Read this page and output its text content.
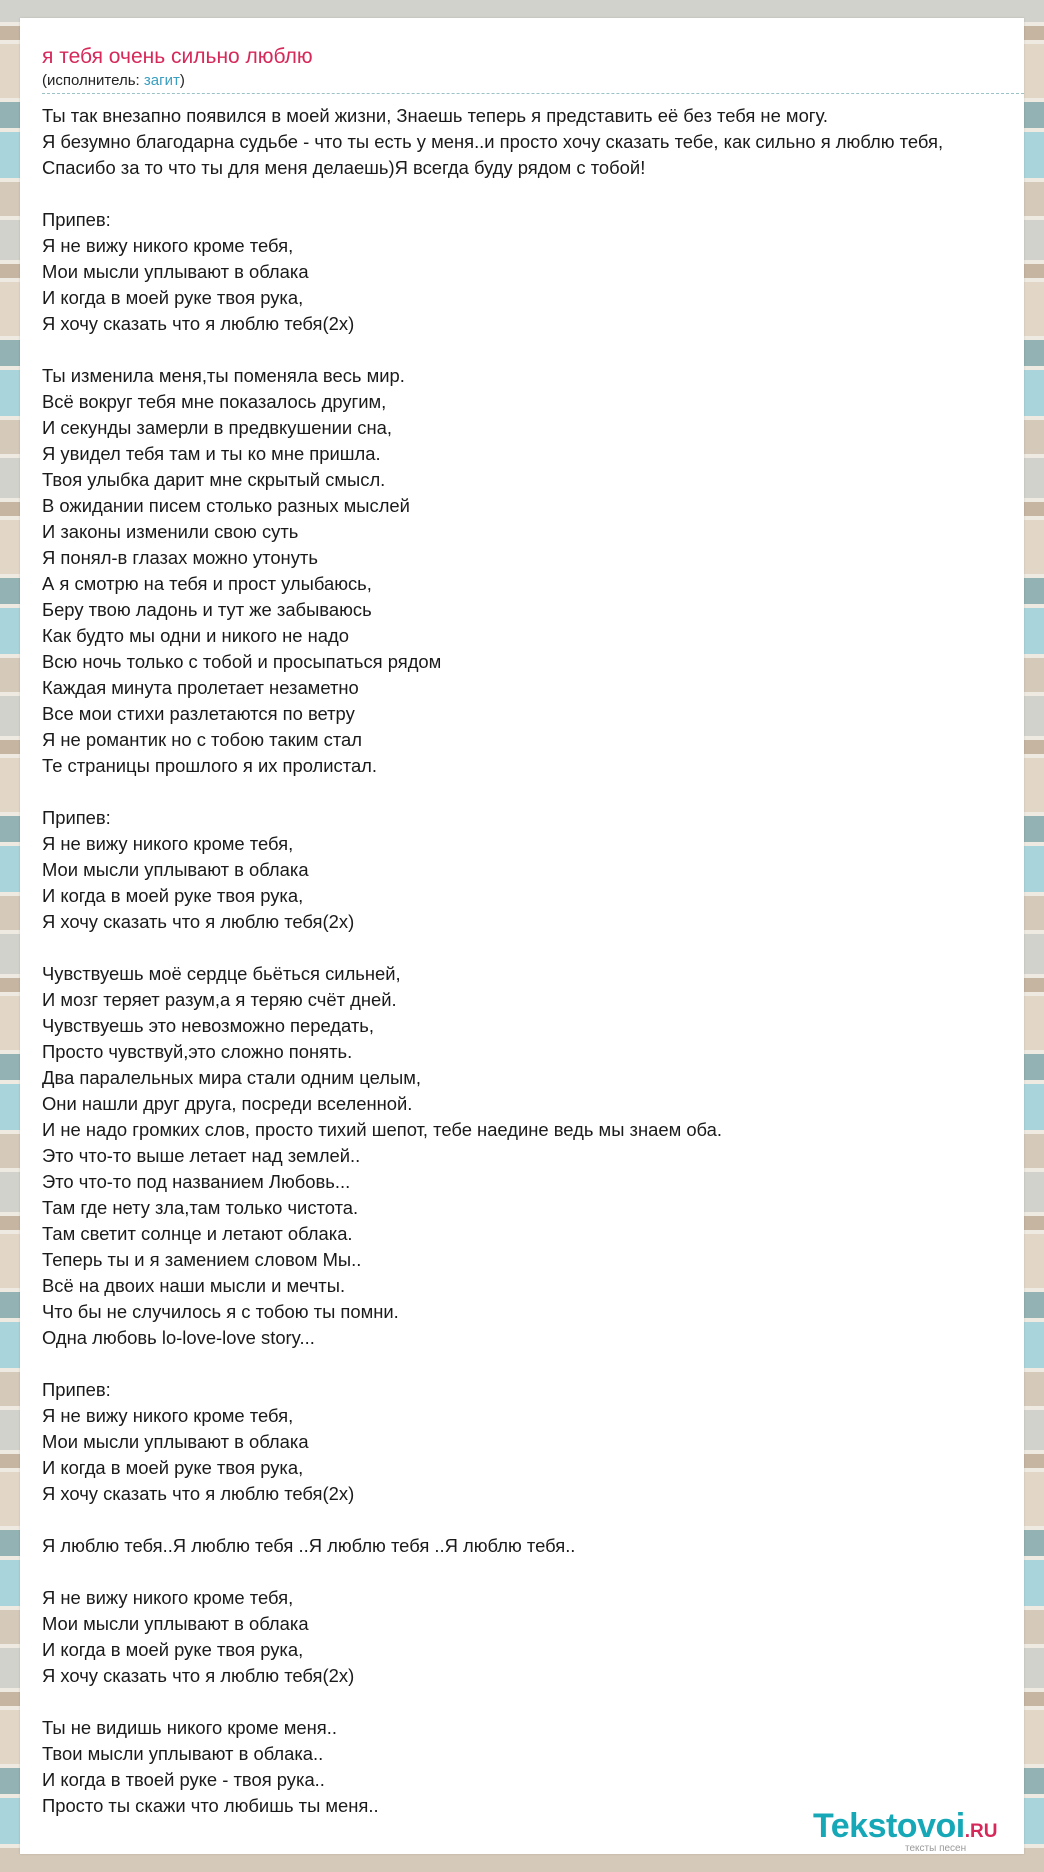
я тебя очень сильно люблю
(исполнитель: загит)
Ты так внезапно появился в моей жизни, Знаешь теперь я представить её без тебя не могу.
Я безумно благодарна судьбе - что ты есть у меня..и просто хочу сказать тебе, как сильно я люблю тебя,
Спасибо за то что ты для меня делаешь)Я всегда буду рядом с тобой!
Припев:
Я не вижу никого кроме тебя,
Мои мысли уплывают в облака
И когда в моей руке твоя рука,
Я хочу сказать что я люблю тебя(2х)
Ты изменила меня,ты поменяла весь мир.
Всё вокруг тебя мне показалось другим,
И секунды замерли в предвкушении сна,
Я увидел тебя там и ты ко мне пришла.
Твоя улыбка дарит мне скрытый смысл.
В ожидании писем столько разных мыслей
И законы изменили свою суть
Я понял-в глазах можно утонуть
А я смотрю на тебя и прост улыбаюсь,
Беру твою ладонь и тут же забываюсь
Как будто мы одни и никого не надо
Всю ночь только с тобой и просыпаться рядом
Каждая минута пролетает незаметно
Все мои стихи разлетаются по ветру
Я не романтик но с тобою таким стал
Те страницы прошлого я их пролистал.
Припев:
Я не вижу никого кроме тебя,
Мои мысли уплывают в облака
И когда в моей руке твоя рука,
Я хочу сказать что я люблю тебя(2х)
Чувствуешь моё сердце бьёться сильней,
И мозг теряет разум,а я теряю счёт дней.
Чувствуешь это невозможно передать,
Просто чувствуй,это сложно понять.
Два паралельных мира стали одним целым,
Они нашли друг друга, посреди вселенной.
И не надо громких слов, просто тихий шепот, тебе наедине ведь мы знаем оба.
Это что-то выше летает над землей..
Это что-то под названием Любовь...
Там где нету зла,там только чистота.
Там светит солнце и летают облака.
Теперь ты и я замением словом Мы..
Всё на двоих наши мысли и мечты.
Что бы не случилось я с тобою ты помни.
Одна любовь lo-love-love story...
Припев:
Я не вижу никого кроме тебя,
Мои мысли уплывают в облака
И когда в моей руке твоя рука,
Я хочу сказать что я люблю тебя(2х)
Я люблю тебя..Я люблю тебя ..Я люблю тебя ..Я люблю тебя..
Я не вижу никого кроме тебя,
Мои мысли уплывают в облака
И когда в моей руке твоя рука,
Я хочу сказать что я люблю тебя(2х)
Ты не видишь никого кроме меня..
Твои мысли уплывают в облака..
И когда в твоей руке - твоя рука..
Просто ты скажи что любишь ты меня..
Tekstovoi.RU
тексты песен
